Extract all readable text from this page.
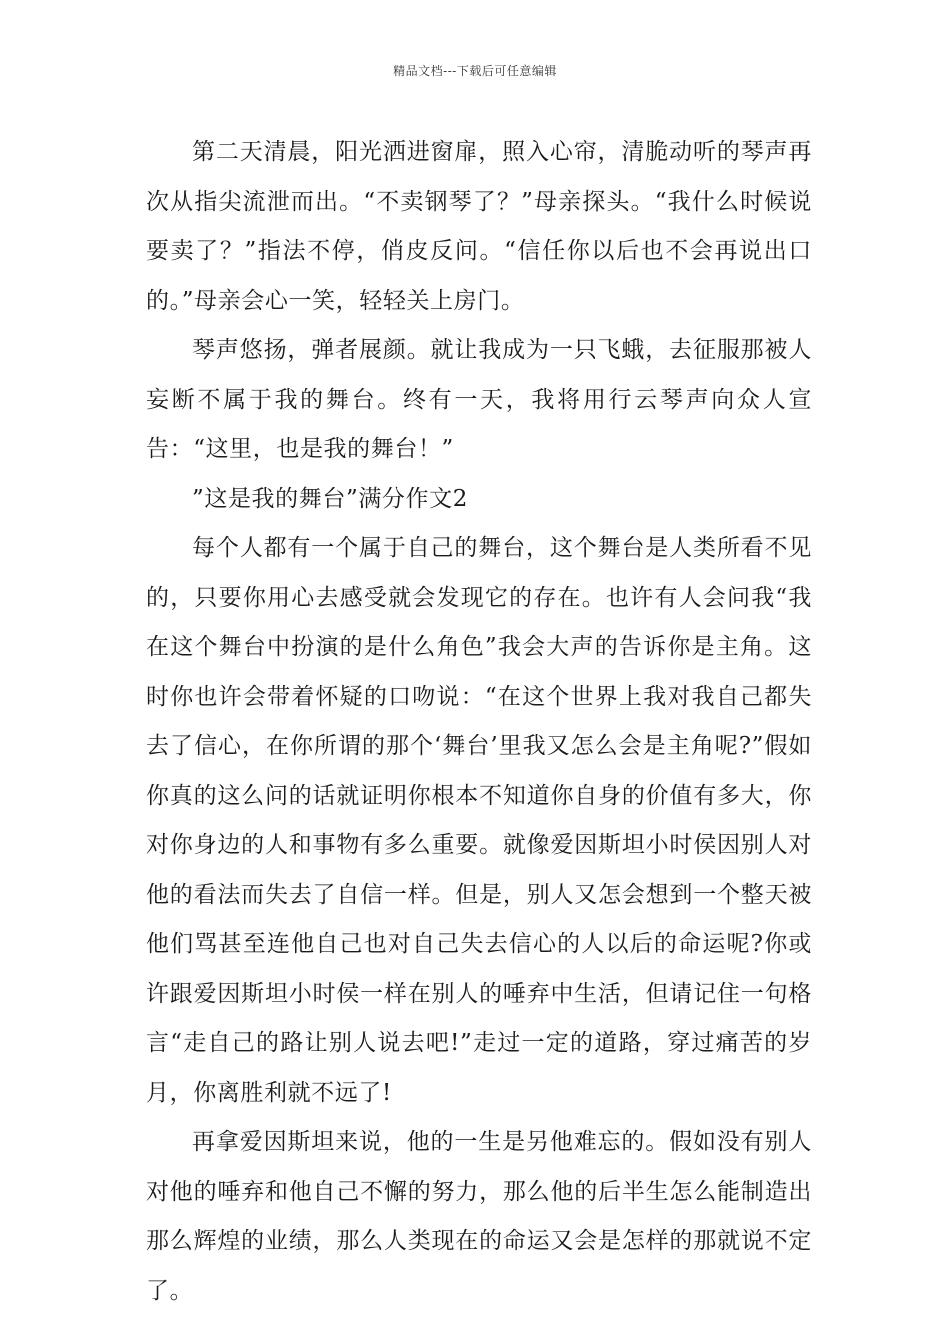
精品文档---下载后可任意编辑

第二天清晨，阳光洒进窗扉，照入心帘，清脆动听的琴声再次从指尖流泄而出。“不卖钢琴了？”母亲探头。“我什么时候说要卖了？”指法不停，俏皮反问。“信任你以后也不会再说出口的。”母亲会心一笑，轻轻关上房门。

琴声悠扬，弹者展颜。就让我成为一只飞蛾，去征服那被人妄断不属于我的舞台。终有一天，我将用行云琴声向众人宣告：“这里，也是我的舞台！”

”这是我的舞台”满分作文2

每个人都有一个属于自己的舞台，这个舞台是人类所看不见的，只要你用心去感受就会发现它的存在。也许有人会问我“我在这个舞台中扮演的是什么角色”我会大声的告诉你是主角。这时你也许会带着怀疑的口吻说：“在这个世界上我对我自己都失去了信心，在你所谓的那个‘舞台’里我又怎么会是主角呢?”假如你真的这么问的话就证明你根本不知道你自身的价值有多大，你对你身边的人和事物有多么重要。就像爱因斯坦小时侯因别人对他的看法而失去了自信一样。但是，别人又怎会想到一个整天被他们骂甚至连他自己也对自己失去信心的人以后的命运呢?你或许跟爱因斯坦小时侯一样在别人的唾弃中生活，但请记住一句格言“走自己的路让别人说去吧!”走过一定的道路，穿过痛苦的岁月，你离胜利就不远了!

再拿爱因斯坦来说，他的一生是另他难忘的。假如没有别人对他的唾弃和他自己不懈的努力，那么他的后半生怎么能制造出那么辉煌的业绩，那么人类现在的命运又会是怎样的那就说不定了。
